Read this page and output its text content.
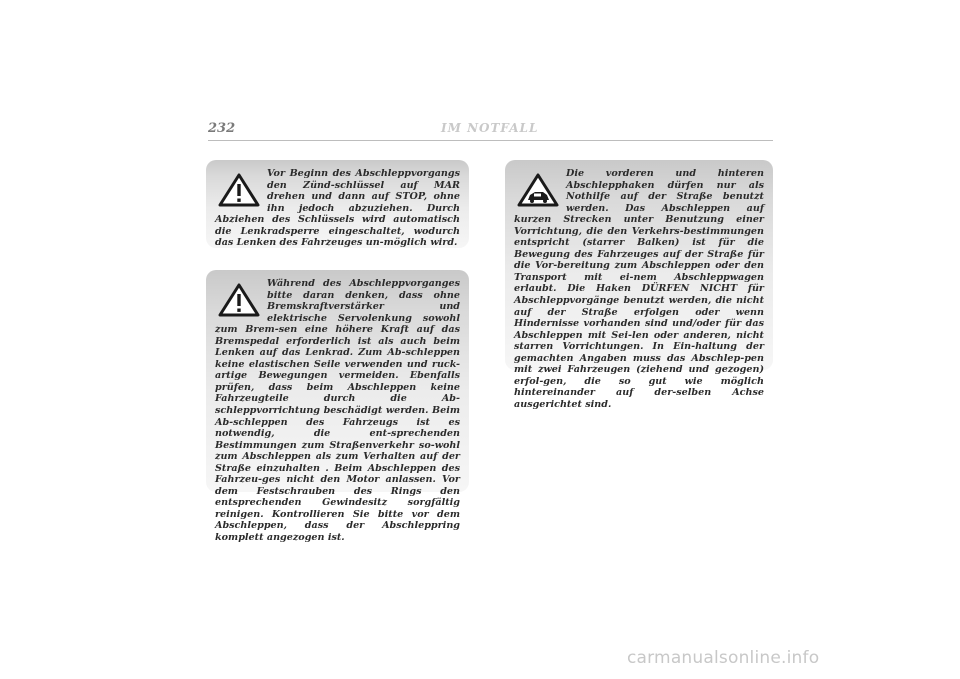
232	IM NOTFALL

Vor Beginn des Abschleppvorgangs den Zünd-schlüssel auf MAR drehen und dann auf STOP, ohne ihn jedoch abzuziehen. Durch Abziehen des Schlüssels wird automatisch die Lenkradsperre eingeschaltet, wodurch das Lenken des Fahrzeuges un-möglich wird.

Während des Abschleppvorganges bitte daran denken, dass ohne Bremskraftverstärker und elektrische Servolenkung sowohl zum Brem-sen eine höhere Kraft auf das Bremspedal erforderlich ist als auch beim Lenken auf das Lenkrad. Zum Ab-schleppen keine elastischen Seile verwenden und ruck-artige Bewegungen vermeiden. Ebenfalls prüfen, dass beim Abschleppen keine Fahrzeugteile durch die Ab-schleppvorrichtung beschädigt werden. Beim Ab-schleppen des Fahrzeugs ist es notwendig, die ent-sprechenden Bestimmungen zum Straßenverkehr so-wohl zum Abschleppen als zum Verhalten auf der Straße einzuhalten . Beim Abschleppen des Fahrzeu-ges nicht den Motor anlassen. Vor dem Festschrauben des Rings den entsprechenden Gewindesitz sorgfältig reinigen. Kontrollieren Sie bitte vor dem Abschleppen, dass der Abschleppring komplett angezogen ist.

Die vorderen und hinteren Abschlepphaken dürfen nur als Nothilfe auf der Straße benutzt werden. Das Abschleppen auf kurzen Strecken unter Benutzung einer Vorrichtung, die den Verkehrs-bestimmungen entspricht (starrer Balken) ist für die Bewegung des Fahrzeuges auf der Straße für die Vor-bereitung zum Abschleppen oder den Transport mit ei-nem Abschleppwagen erlaubt. Die Haken DÜRFEN NICHT für Abschleppvorgänge benutzt werden, die nicht auf der Straße erfolgen oder wenn Hindernisse vorhanden sind und/oder für das Abschleppen mit Sei-len oder anderen, nicht starren Vorrichtungen. In Ein-haltung der gemachten Angaben muss das Abschlep-pen mit zwei Fahrzeugen (ziehend und gezogen) erfol-gen, die so gut wie möglich hintereinander auf der-selben Achse ausgerichtet sind.

carmanualsonline.info
